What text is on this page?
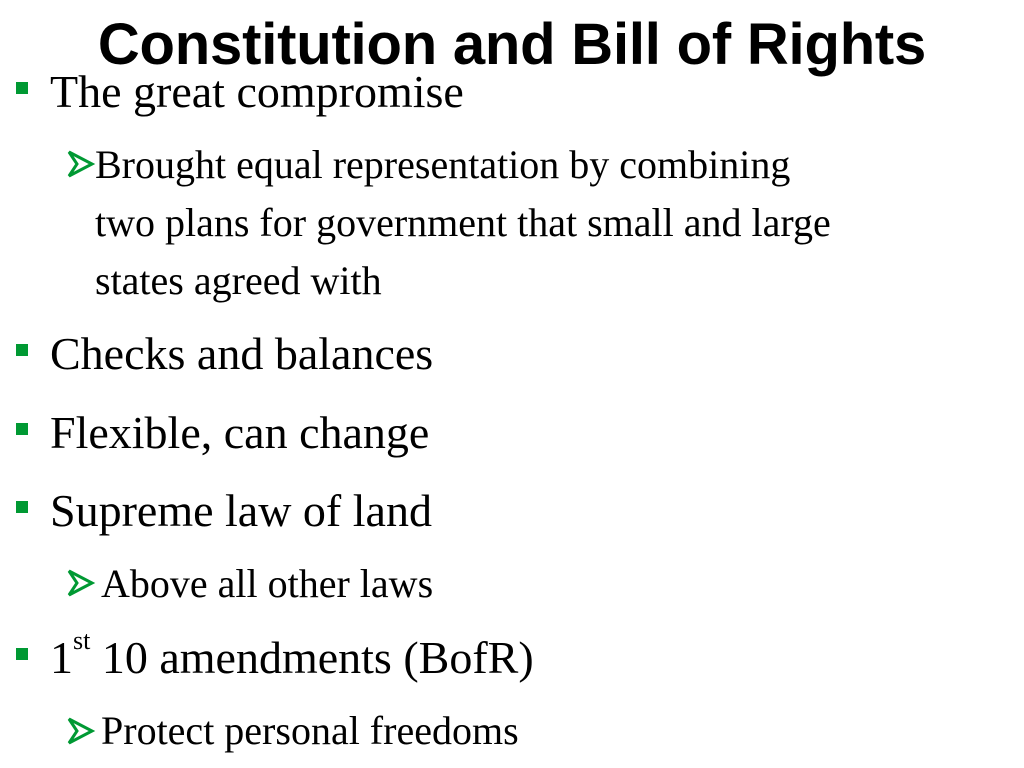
Constitution and Bill of Rights
The great compromise
Brought equal representation by combining
two plans for government that small and large
states agreed with
Checks and balances
Flexible, can change
Supreme law of land
Above all other laws
1st 10 amendments (BofR)
Protect personal freedoms
